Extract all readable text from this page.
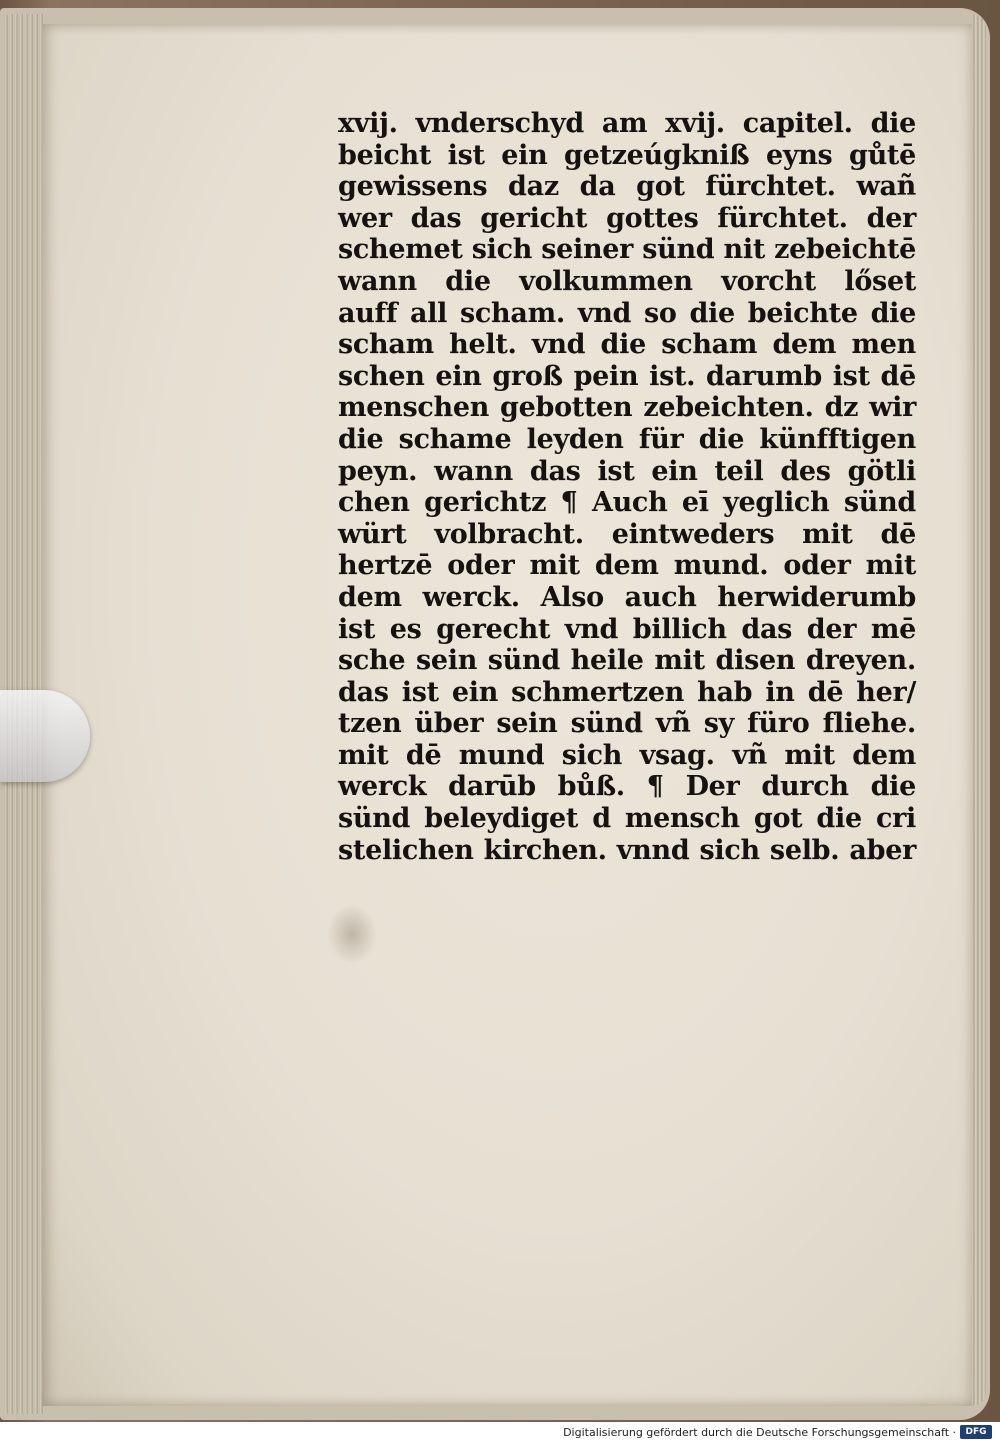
xvij. vnderschyd am xvij. capitel. die
beicht ist ein getzeúgkniß eyns gůtē
gewissens daz da got fürchtet. wañ
wer das gericht gottes fürchtet. der
schemet sich seiner sünd nit zebeichtē
wann die volkummen vorcht lőset
auff all scham. vnd so die beichte die
scham helt. vnd die scham dem men
schen ein groß pein ist. darumb ist dē
menschen gebotten zebeichten. dz wir
die schame leyden für die künfftigen
peyn. wann das ist ein teil des götli
chen gerichtz ¶ Auch eī yeglich sünd
würt volbracht. eintweders mit dē
hertzē oder mit dem mund. oder mit
dem werck. Also auch herwiderumb
ist es gerecht vnd billich das der mē
sche sein sünd heile mit disen dreyen.
das ist ein schmertzen hab in dē her/
tzen über sein sünd vñ sy füro fliehe.
mit dē mund sich vsag. vñ mit dem
werck darūb bůß. ¶ Der durch die
sünd beleydiget d mensch got die cri
stelichen kirchen. vnnd sich selb. aber
Digitalisierung gefördert durch die Deutsche Forschungsgemeinschaft ·	DFG
